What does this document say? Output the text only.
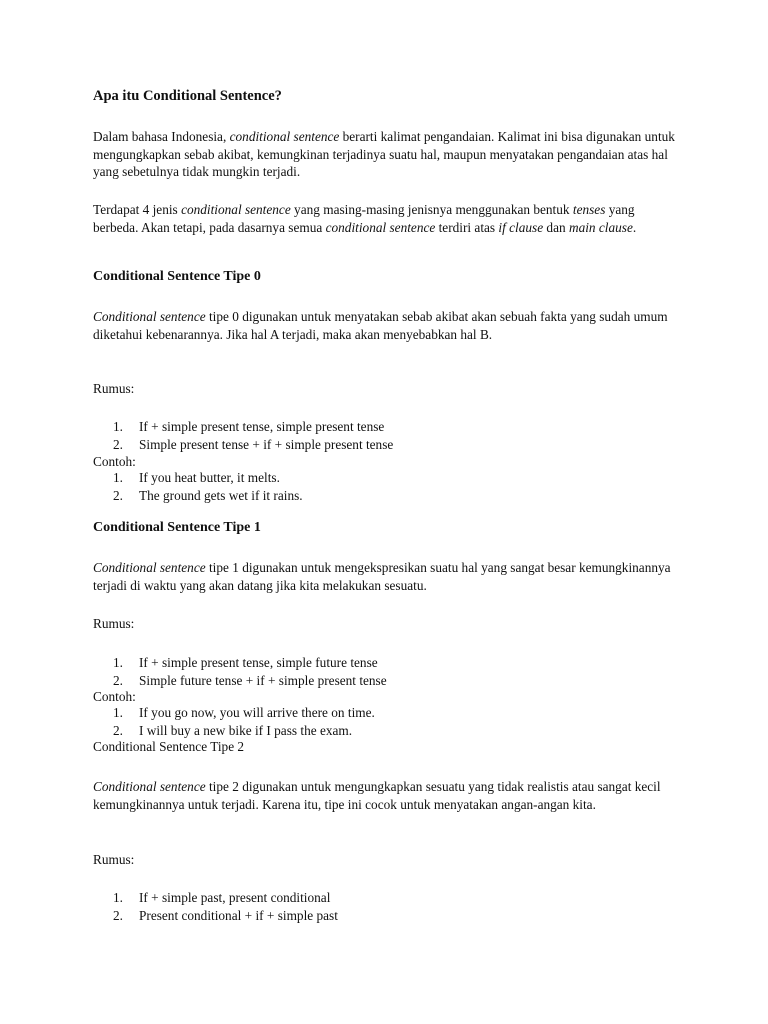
Apa itu Conditional Sentence?

Dalam bahasa Indonesia, conditional sentence berarti kalimat pengandaian. Kalimat ini bisa digunakan untuk mengungkapkan sebab akibat, kemungkinan terjadinya suatu hal, maupun menyatakan pengandaian atas hal yang sebetulnya tidak mungkin terjadi.

Terdapat 4 jenis conditional sentence yang masing-masing jenisnya menggunakan bentuk tenses yang berbeda. Akan tetapi, pada dasarnya semua conditional sentence terdiri atas if clause dan main clause.

Conditional Sentence Tipe 0

Conditional sentence tipe 0 digunakan untuk menyatakan sebab akibat akan sebuah fakta yang sudah umum diketahui kebenarannya. Jika hal A terjadi, maka akan menyebabkan hal B.

Rumus:
1. If + simple present tense, simple present tense
2. Simple present tense + if + simple present tense
Contoh:
1. If you heat butter, it melts.
2. The ground gets wet if it rains.
Conditional Sentence Tipe 1

Conditional sentence tipe 1 digunakan untuk mengekspresikan suatu hal yang sangat besar kemungkinannya terjadi di waktu yang akan datang jika kita melakukan sesuatu.

Rumus:
1. If + simple present tense, simple future tense
2. Simple future tense + if + simple present tense
Contoh:
1. If you go now, you will arrive there on time.
2. I will buy a new bike if I pass the exam.
Conditional Sentence Tipe 2

Conditional sentence tipe 2 digunakan untuk mengungkapkan sesuatu yang tidak realistis atau sangat kecil kemungkinannya untuk terjadi. Karena itu, tipe ini cocok untuk menyatakan angan-angan kita.

Rumus:
1. If + simple past, present conditional
2. Present conditional + if + simple past
